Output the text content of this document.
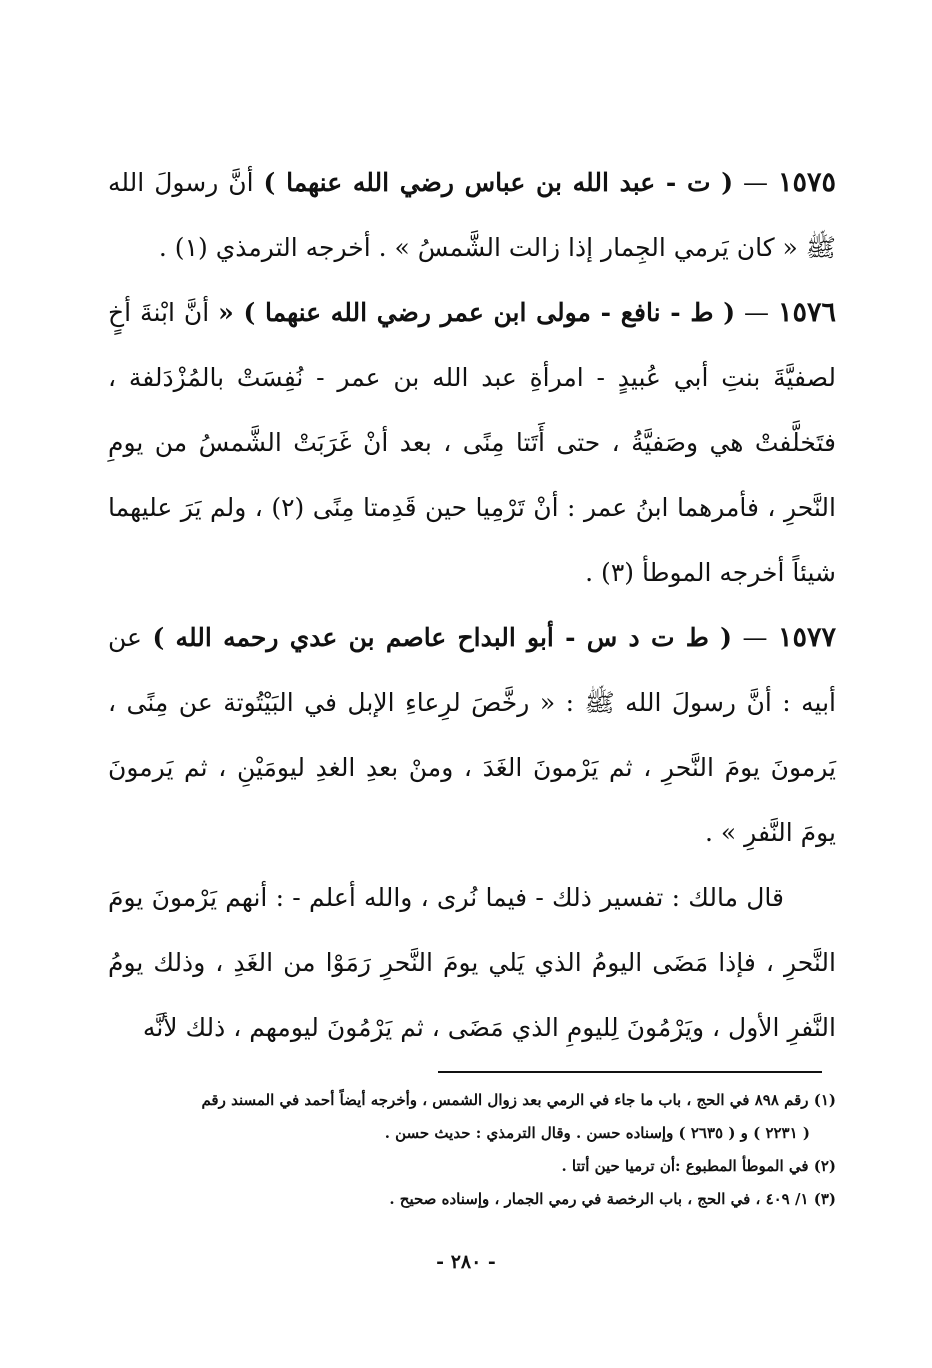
١٥٧٥ — ( ت - عبد الله بن عباس رضي الله عنهما ) أنَّ رسولَ الله ﷺ « كان يَرمي الجِمار إذا زالت الشَّمسُ » . أخرجه الترمذي (١) .

١٥٧٦ — ( ط - نافع - مولى ابن عمر رضي الله عنهما ) « أنَّ ابْنةَ أخٍ لصفيَّةَ بنتِ أبي عُبيدٍ - امرأةِ عبد الله بن عمر - نُفِسَتْ بالمُزْدَلفة ، فتَخلَّفتْ هي وصَفيَّةُ ، حتى أَتَتا مِنًى ، بعد أنْ غَرَبَتْ الشَّمسُ من يومِ النَّحرِ ، فأمرهما ابنُ عمر : أنْ تَرْمِيا حين قَدِمتا مِنًى (٢) ، ولم يَرَ عليهما شيئاً أخرجه الموطأ (٣) .

١٥٧٧ — ( ط ت د س - أبو البداح عاصم بن عدي رحمه الله ) عن أبيه : أنَّ رسولَ الله ﷺ : « رخَّصَ لرِعاءِ الإبل في البَيْتُوتة عن مِنًى ، يَرمونَ يومَ النَّحرِ ، ثم يَرْمونَ الغَدَ ، ومنْ بعدِ الغدِ ليومَيْنِ ، ثم يَرمونَ يومَ النَّفرِ » .

قال مالك : تفسير ذلك - فيما نُرى ، والله أعلم - : أنهم يَرْمونَ يومَ النَّحرِ ، فإذا مَضَى اليومُ الذي يَلي يومَ النَّحرِ رَمَوْا من الغَدِ ، وذلك يومُ النَّفرِ الأول ، ويَرْمُونَ لِليومِ الذي مَضَى ، ثم يَرْمُونَ ليومهم ، ذلك لأنَّه

(١) رقم ٨٩٨ في الحج ، باب ما جاء في الرمي بعد زوال الشمس ، وأخرجه أيضاً أحمد في المسند رقم

( ٢٢٣١ ) و ( ٢٦٣٥ ) وإسناده حسن . وقال الترمذي : حديث حسن .

(٢) في الموطأ المطبوع :أن ترميا حين أتتا .

(٣) ١/ ٤٠٩ ، في الحج ، باب الرخصة في رمي الجمار ، وإسناده صحيح .

- ٢٨٠ -
